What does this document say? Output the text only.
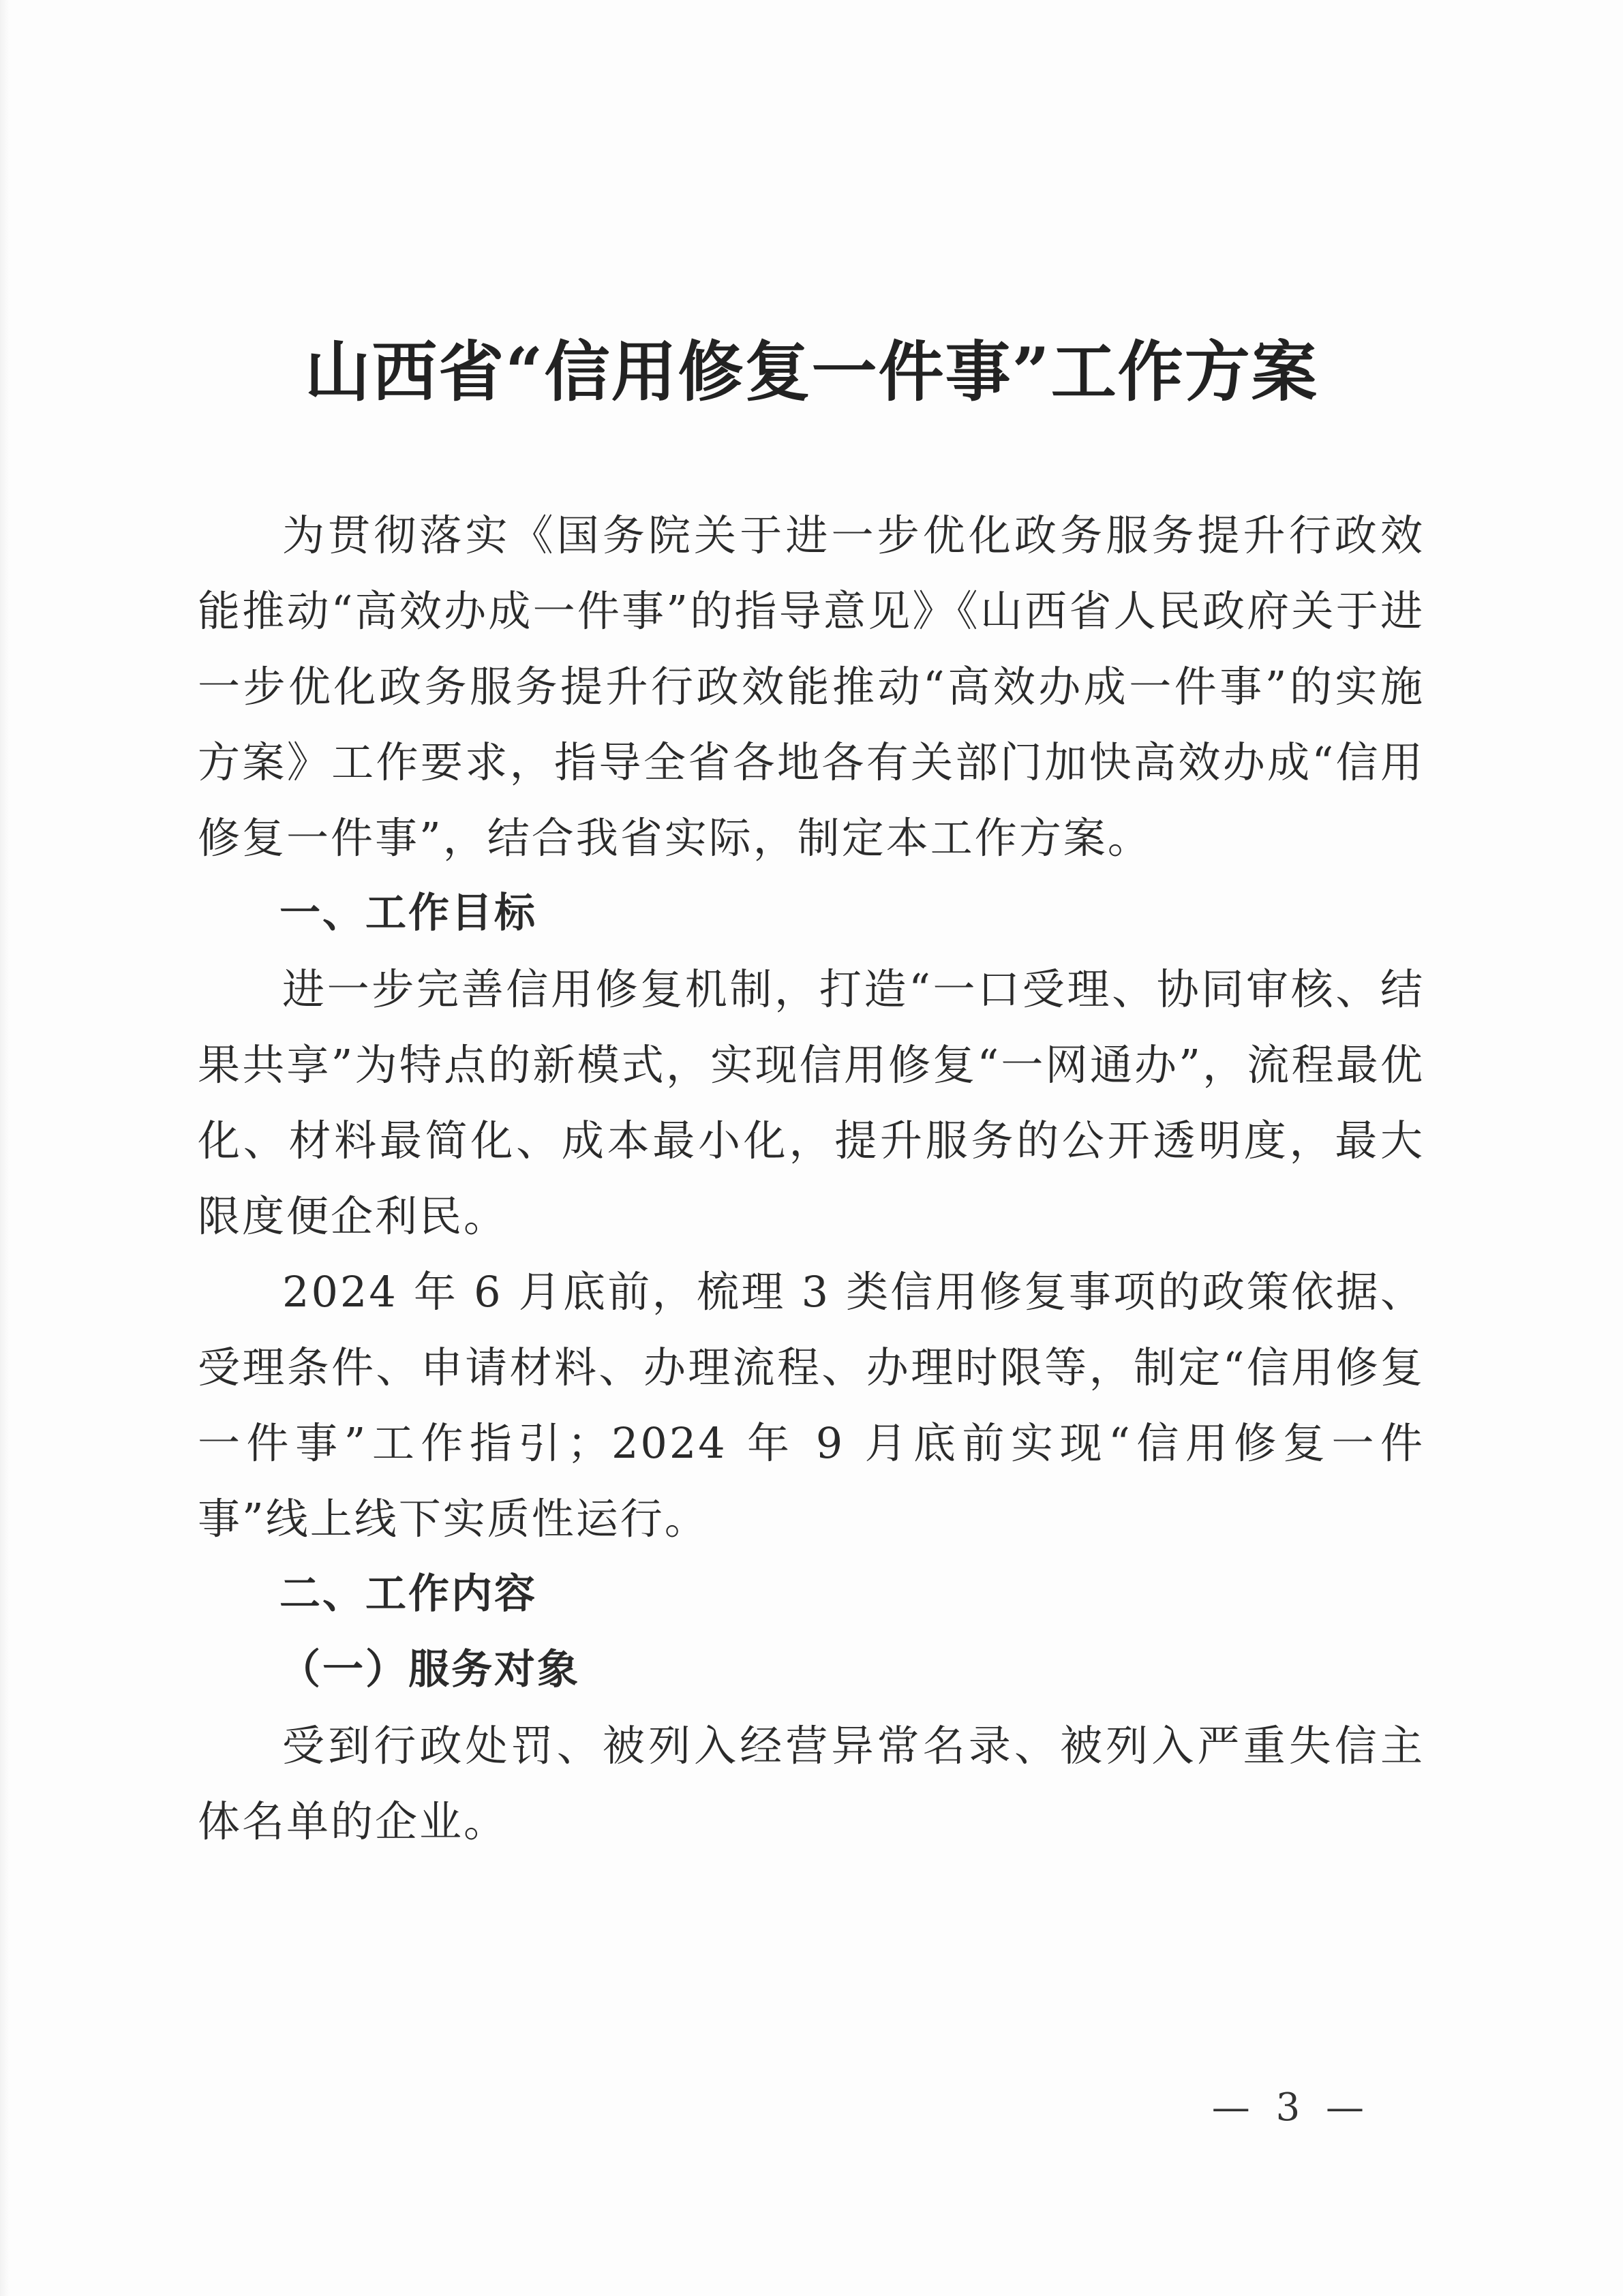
山西省“信用修复一件事”工作方案

为贯彻落实《国务院关于进一步优化政务服务提升行政效能推动“高效办成一件事”的指导意见》《山西省人民政府关于进一步优化政务服务提升行政效能推动“高效办成一件事”的实施方案》工作要求，指导全省各地各有关部门加快高效办成“信用修复一件事”，结合我省实际，制定本工作方案。

一、工作目标

进一步完善信用修复机制，打造“一口受理、协同审核、结果共享”为特点的新模式，实现信用修复“一网通办”，流程最优化、材料最简化、成本最小化，提升服务的公开透明度，最大限度便企利民。

2024 年 6 月底前，梳理 3 类信用修复事项的政策依据、受理条件、申请材料、办理流程、办理时限等，制定“信用修复一件事”工作指引；2024 年 9 月底前实现“信用修复一件事”线上线下实质性运行。

二、工作内容

（一）服务对象

受到行政处罚、被列入经营异常名录、被列入严重失信主体名单的企业。

— 3 —
